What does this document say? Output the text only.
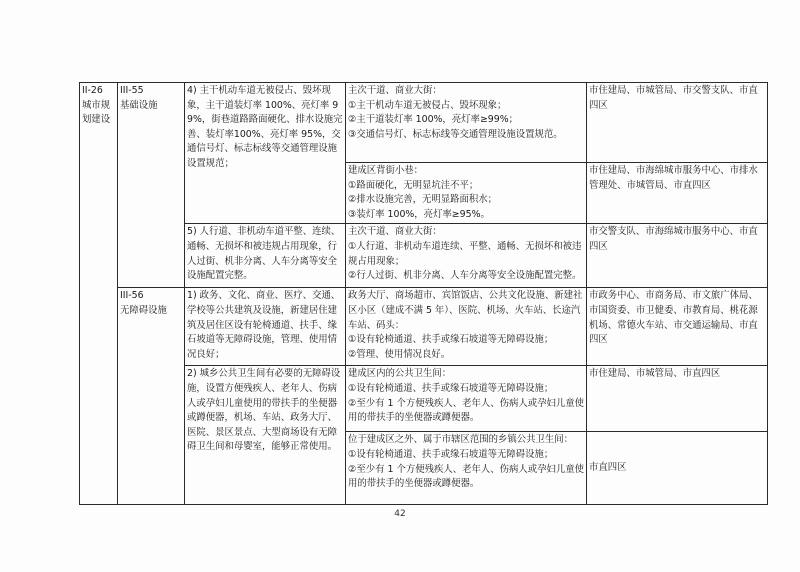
II-26
城市规划建设	III-55
基础设施	4) 主干机动车道无被侵占、毁坏现象，主干道装灯率 100%、亮灯率 99%，街巷道路路面硬化、排水设施完善、装灯率100%、亮灯率 95%，交通信号灯、标志标线等交通管理设施设置规范；	主次干道、商业大街：
①主干机动车道无被侵占、毁坏现象；
②主干道装灯率 100%，亮灯率≥99%；
③交通信号灯、标志标线等交通管理设施设置规范。	市住建局、市城管局、市交警支队、市直四区

			建成区背街小巷：
①路面硬化，无明显坑洼不平；
②排水设施完善，无明显路面积水；
③装灯率 100%，亮灯率≥95%。	市住建局、市海绵城市服务中心、市排水管理处、市城管局、市直四区
		5) 人行道、非机动车道平整、连续、通畅、无损坏和被违规占用现象，行人过街、机非分离、人车分离等安全设施配置完整。	主次干道、商业大街：
①人行道、非机动车道连续、平整、通畅、无损坏和被违规占用现象；
②行人过街、机非分离、人车分离等安全设施配置完整。	市交警支队、市海绵城市服务中心、市直四区

	III-56
无障碍设施	1) 政务、文化、商业、医疗、交通、学校等公共建筑及设施，新建居住建筑及居住区设有轮椅通道、扶手、缘石坡道等无障碍设施，管理、使用情况良好；	政务大厅、商场超市、宾馆饭店、公共文化设施、新建社区小区（建成不满 5 年）、医院、机场、火车站、长途汽车站、码头：
①设有轮椅通道、扶手或缘石坡道等无障碍设施；
②管理、使用情况良好。	市政务中心、市商务局、市文旅广体局、市国资委、市卫健委、市教育局、桃花源机场、常德火车站、市交通运输局、市直四区
		2) 城乡公共卫生间有必要的无障碍设施，设置方便残疾人、老年人、伤病人或孕妇儿童使用的带扶手的坐便器或蹲便器，机场、车站、政务大厅、医院、景区景点、大型商场设有无障碍卫生间和母婴室，能够正常使用。	建成区内的公共卫生间：
①设有轮椅通道、扶手或缘石坡道等无障碍设施；
②至少有 1 个方便残疾人、老年人、伤病人或孕妇儿童使用的带扶手的坐便器或蹲便器。	市住建局、市城管局、市直四区

			位于建成区之外、属于市辖区范围的乡镇公共卫生间：
①设有轮椅通道、扶手或缘石坡道等无障碍设施；
②至少有 1 个方便残疾人、老年人、伤病人或孕妇儿童使用的带扶手的坐便器或蹲便器。	市直四区
42
